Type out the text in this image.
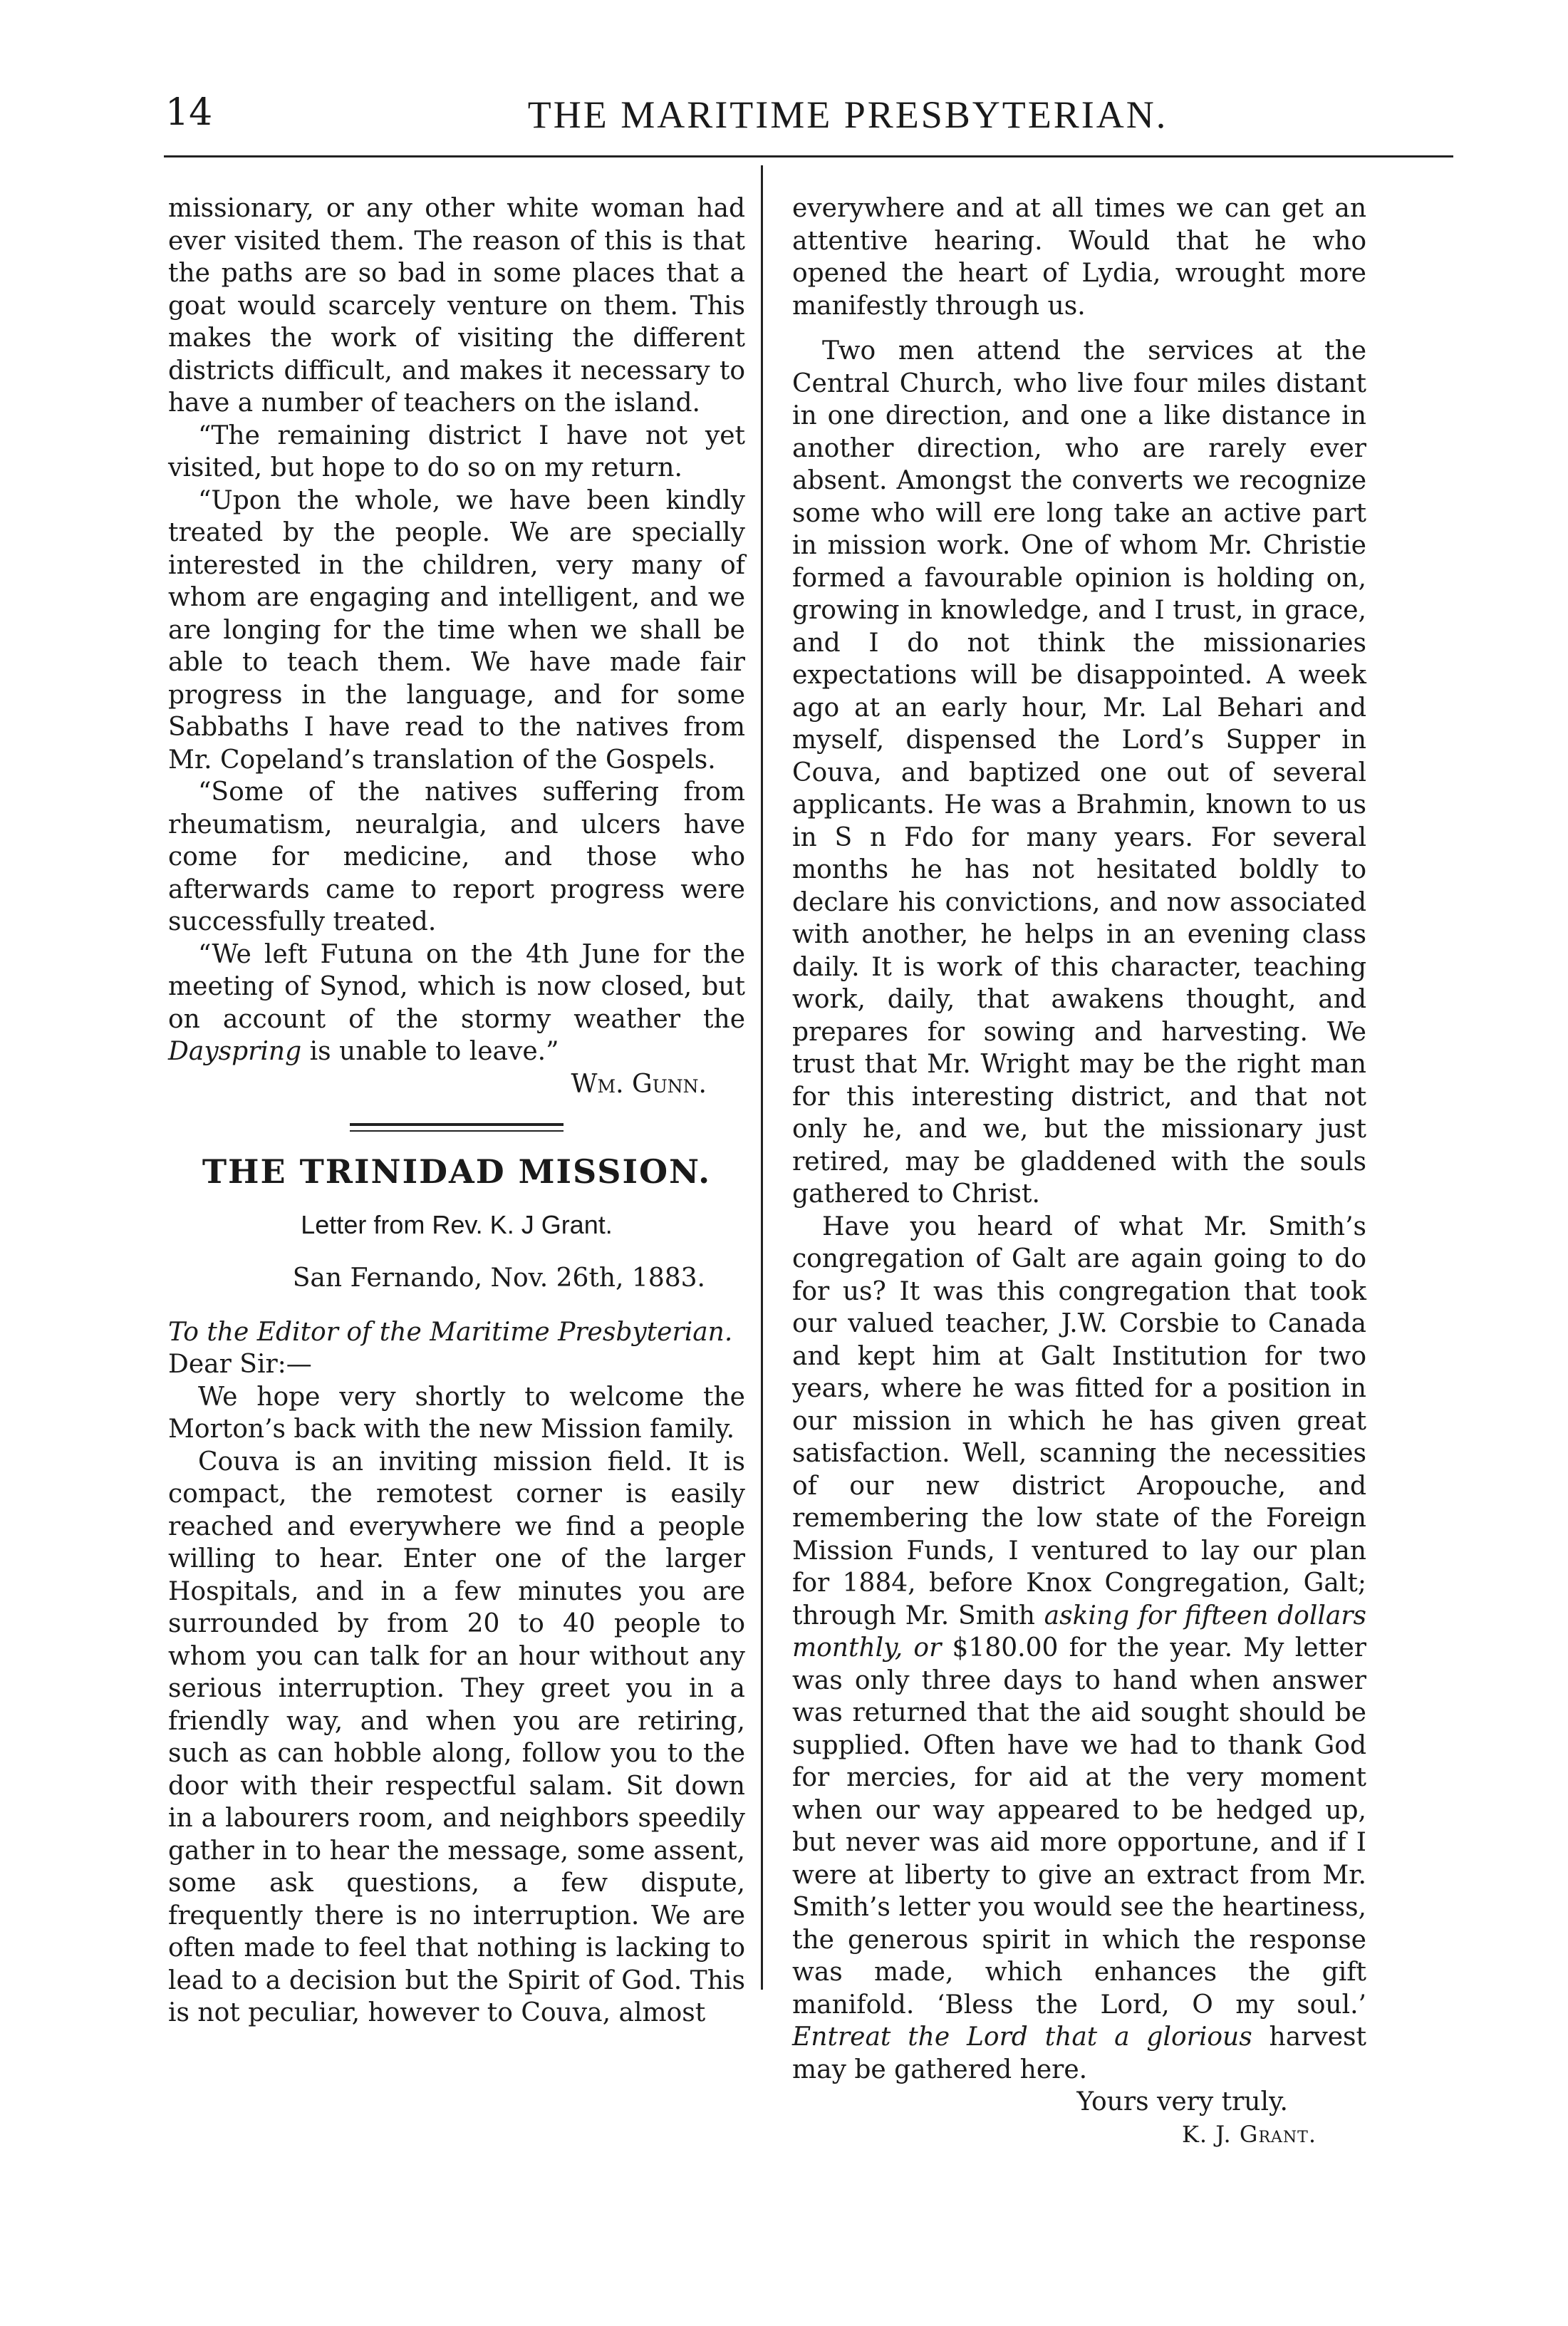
14	THE MARITIME PRESBYTERIAN.

missionary, or any other white woman had ever visited them. The reason of this is that the paths are so bad in some places that a goat would scarcely venture on them. This makes the work of visiting the different districts difficult, and makes it necessary to have a number of teachers on the island.

“The remaining district I have not yet visited, but hope to do so on my return.

“Upon the whole, we have been kindly treated by the people. We are specially interested in the children, very many of whom are engaging and intelligent, and we are longing for the time when we shall be able to teach them. We have made fair progress in the language, and for some Sabbaths I have read to the natives from Mr. Copeland’s translation of the Gospels.

“Some of the natives suffering from rheumatism, neuralgia, and ulcers have come for medicine, and those who afterwards came to report progress were successfully treated.

“We left Futuna on the 4th June for the meeting of Synod, which is now closed, but on account of the stormy weather the Dayspring is unable to leave.”

Wm. Gunn.
THE TRINIDAD MISSION.
Letter from Rev. K. J Grant.
San Fernando, Nov. 26th, 1883.
To the Editor of the Maritime Presbyterian.

Dear Sir:—

We hope very shortly to welcome the Morton’s back with the new Mission family.

Couva is an inviting mission field. It is compact, the remotest corner is easily reached and everywhere we find a people willing to hear. Enter one of the larger Hospitals, and in a few minutes you are surrounded by from 20 to 40 people to whom you can talk for an hour without any serious interruption. They greet you in a friendly way, and when you are retiring, such as can hobble along, follow you to the door with their respectful salam. Sit down in a labourers room, and neighbors speedily gather in to hear the message, some assent, some ask questions, a few dispute, frequently there is no interruption. We are often made to feel that nothing is lacking to lead to a decision but the Spirit of God. This is not peculiar, however to Couva, almost

everywhere and at all times we can get an attentive hearing. Would that he who opened the heart of Lydia, wrought more manifestly through us.

Two men attend the services at the Central Church, who live four miles distant in one direction, and one a like distance in another direction, who are rarely ever absent. Amongst the converts we recognize some who will ere long take an active part in mission work. One of whom Mr. Christie formed a favourable opinion is holding on, growing in knowledge, and I trust, in grace, and I do not think the missionaries expectations will be disappointed. A week ago at an early hour, Mr. Lal Behari and myself, dispensed the Lord’s Supper in Couva, and baptized one out of several applicants. He was a Brahmin, known to us in S n Fdo for many years. For several months he has not hesitated boldly to declare his convictions, and now associated with another, he helps in an evening class daily. It is work of this character, teaching work, daily, that awakens thought, and prepares for sowing and harvesting. We trust that Mr. Wright may be the right man for this interesting district, and that not only he, and we, but the missionary just retired, may be gladdened with the souls gathered to Christ.

Have you heard of what Mr. Smith’s congregation of Galt are again going to do for us? It was this congregation that took our valued teacher, J.W. Corsbie to Canada and kept him at Galt Institution for two years, where he was fitted for a position in our mission in which he has given great satisfaction. Well, scanning the necessities of our new district Aropouche, and remembering the low state of the Foreign Mission Funds, I ventured to lay our plan for 1884, before Knox Congregation, Galt; through Mr. Smith asking for fifteen dollars monthly, or $180.00 for the year. My letter was only three days to hand when answer was returned that the aid sought should be supplied. Often have we had to thank God for mercies, for aid at the very moment when our way appeared to be hedged up, but never was aid more opportune, and if I were at liberty to give an extract from Mr. Smith’s letter you would see the heartiness, the generous spirit in which the response was made, which enhances the gift manifold. ‘Bless the Lord, O my soul.’ Entreat the Lord that a glorious harvest may be gathered here.

Yours very truly.
K. J. Grant.
